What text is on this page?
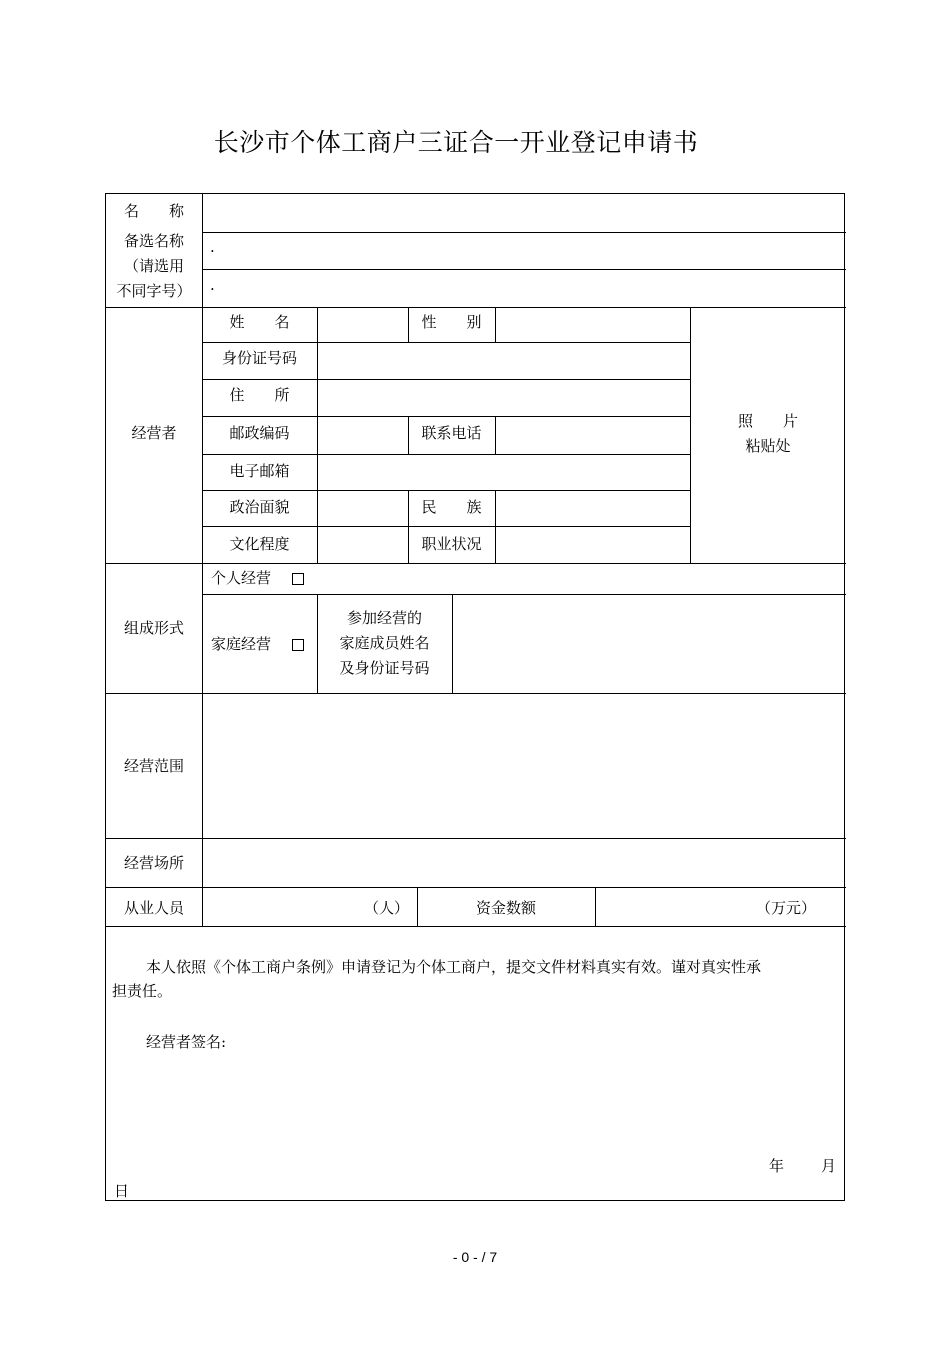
长沙市个体工商户三证合一开业登记申请书
名　　称
备选名称
（请选用
不同字号）
·
·
经营者
姓　　名	性　　别
身份证号码
住　　所
邮政编码	联系电话
电子邮箱
政治面貌	民　　族
文化程度	职业状况
照　　片
粘贴处
组成形式
个人经营
家庭经营
参加经营的
家庭成员姓名
及身份证号码
经营范围
经营场所
从业人员	（人）	资金数额	（万元）
本人依照《个体工商户条例》申请登记为个体工商户，提交文件材料真实有效。谨对真实性承
担责任。
经营者签名:
年 月
日
- 0 - / 7
